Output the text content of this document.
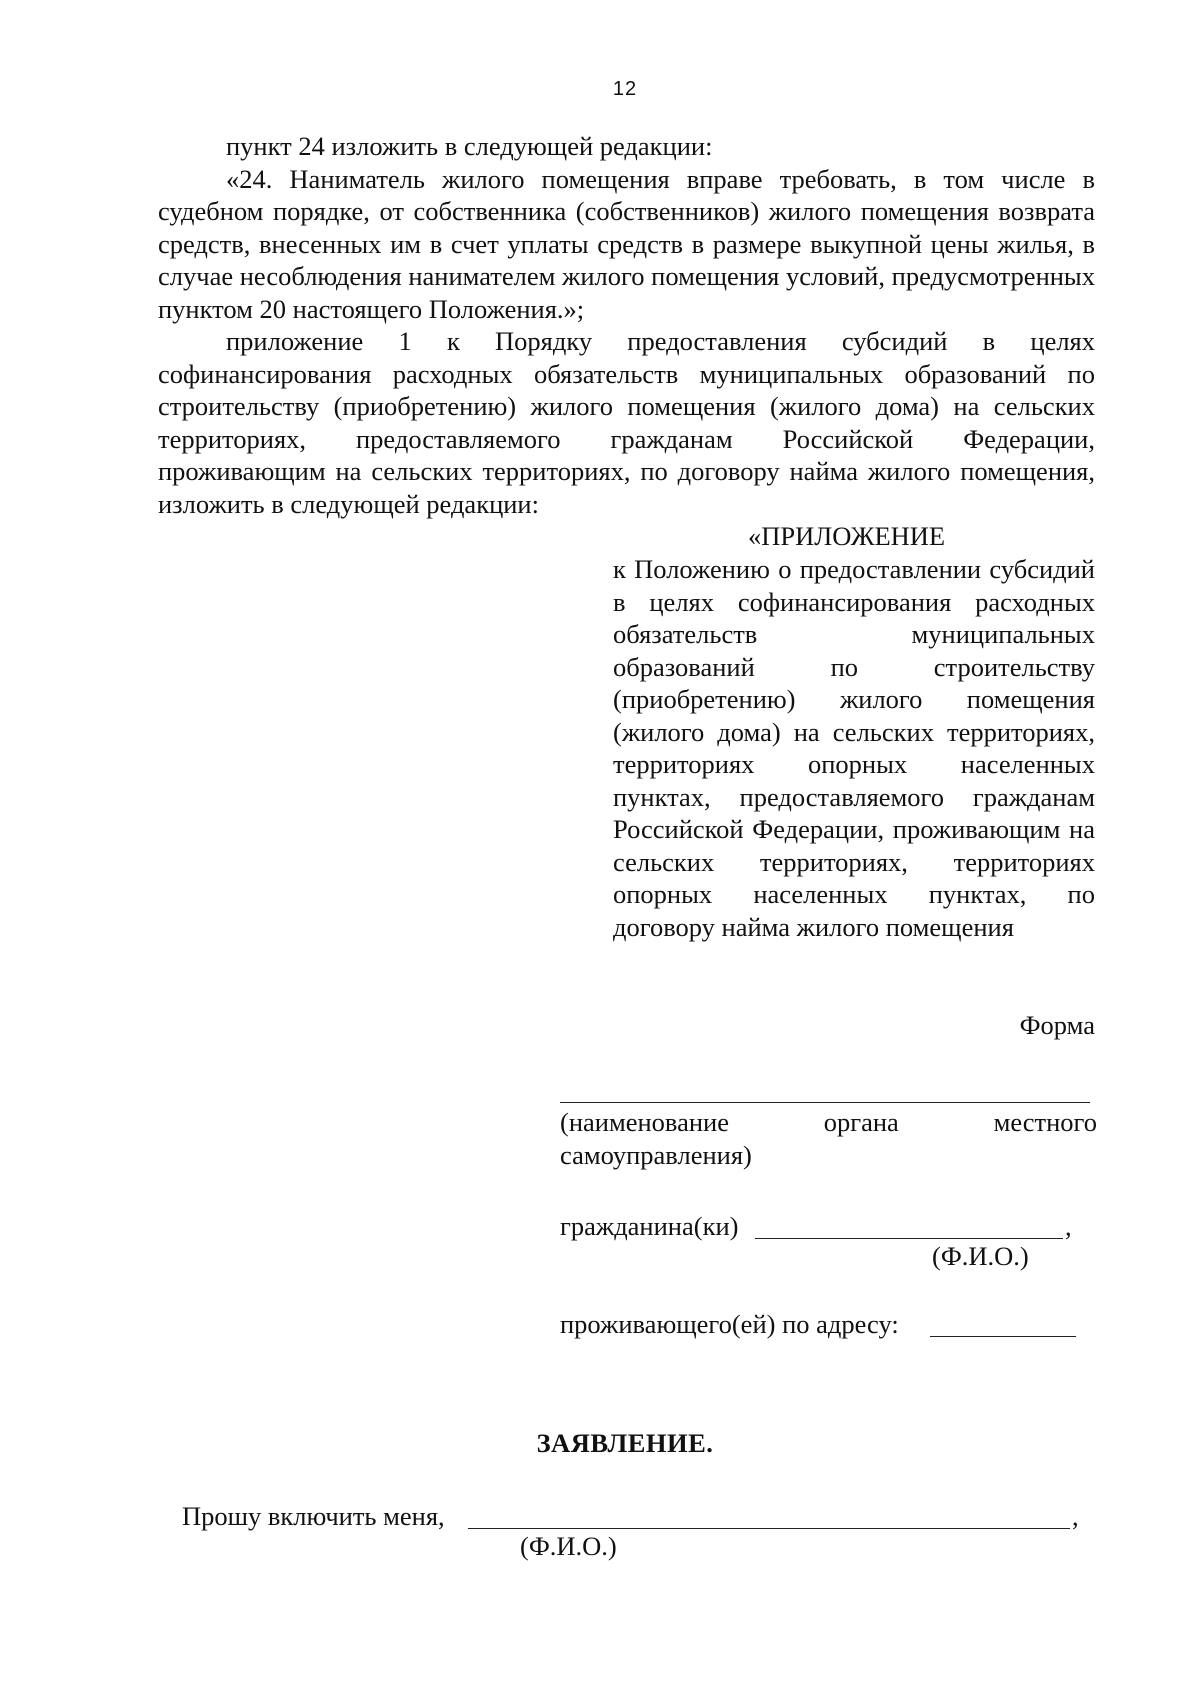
12

пункт 24 изложить в следующей редакции:

«24. Наниматель жилого помещения вправе требовать, в том числе в судебном порядке, от собственника (собственников) жилого помещения возврата средств, внесенных им в счет уплаты средств в размере выкупной цены жилья, в случае несоблюдения нанимателем жилого помещения условий, предусмотренных пунктом 20 настоящего Положения.»;

приложение 1 к Порядку предоставления субсидий в целях софинансирования расходных обязательств муниципальных образований по строительству (приобретению) жилого помещения (жилого дома) на сельских территориях, предоставляемого гражданам Российской Федерации, проживающим на сельских территориях, по договору найма жилого помещения, изложить в следующей редакции:

«ПРИЛОЖЕНИЕ

к Положению о предоставлении субсидий в целях софинансирования расходных обязательств муниципальных образований по строительству (приобретению) жилого помещения (жилого дома) на сельских территориях, территориях опорных населенных пунктах, предоставляемого гражданам Российской Федерации, проживающим на сельских территориях, территориях опорных населенных пунктах, по договору найма жилого помещения

Форма

(наименование органа местного самоуправления)

гражданина(ки)	,
(Ф.И.О.)
проживающего(ей) по адресу:
ЗАЯВЛЕНИЕ.
Прошу включить меня,	,
(Ф.И.О.)
